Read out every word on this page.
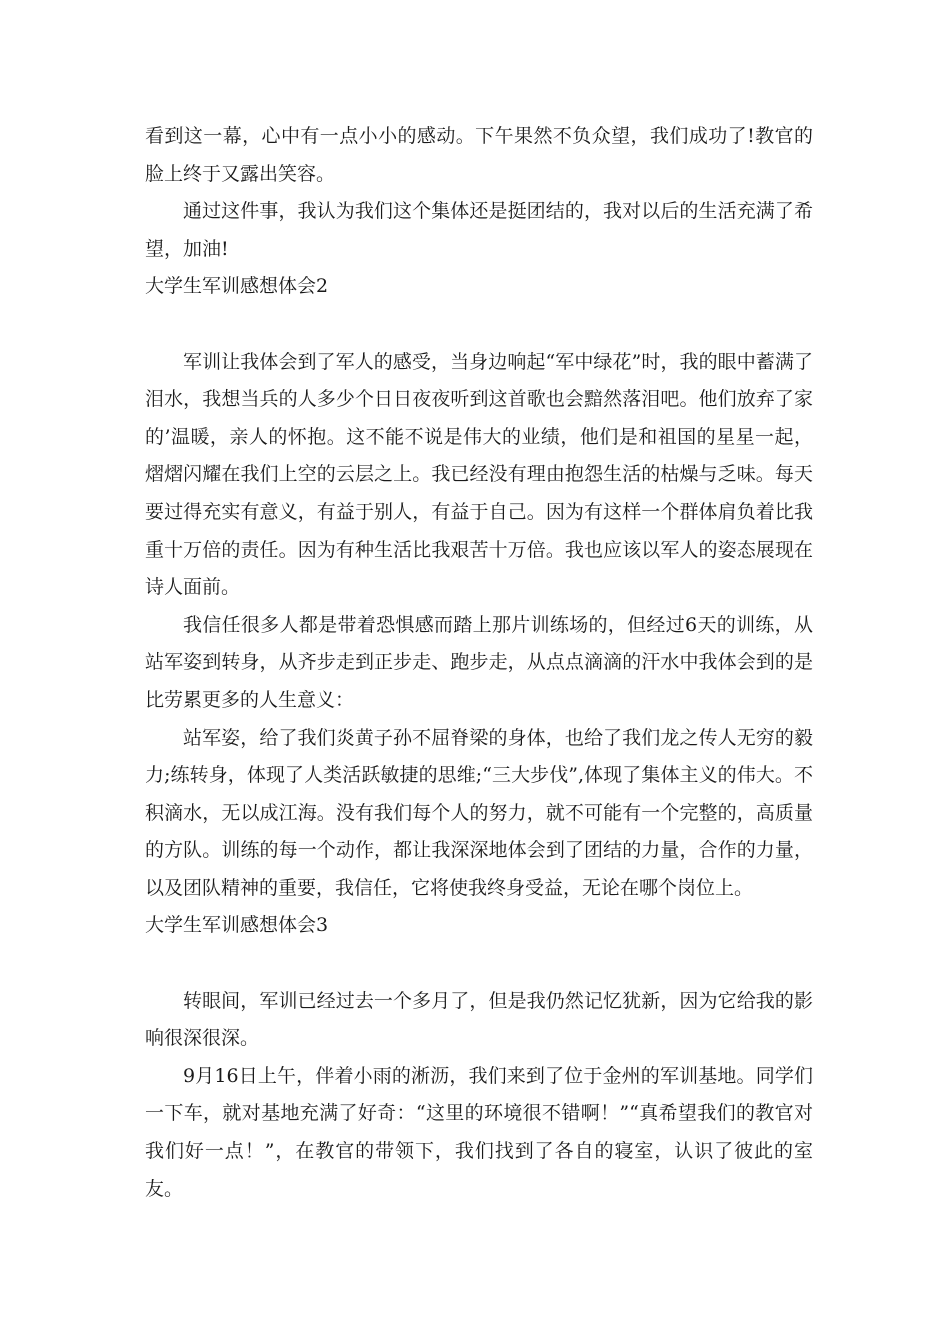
看到这一幕，心中有一点小小的感动。下午果然不负众望，我们成功了!教官的脸上终于又露出笑容。

通过这件事，我认为我们这个集体还是挺团结的，我对以后的生活充满了希望，加油!

大学生军训感想体会2

军训让我体会到了军人的感受，当身边响起“军中绿花”时，我的眼中蓄满了泪水，我想当兵的人多少个日日夜夜听到这首歌也会黯然落泪吧。他们放弃了家的’温暖，亲人的怀抱。这不能不说是伟大的业绩，他们是和祖国的星星一起，熠熠闪耀在我们上空的云层之上。我已经没有理由抱怨生活的枯燥与乏味。每天要过得充实有意义，有益于别人，有益于自己。因为有这样一个群体肩负着比我重十万倍的责任。因为有种生活比我艰苦十万倍。我也应该以军人的姿态展现在诗人面前。

我信任很多人都是带着恐惧感而踏上那片训练场的，但经过6天的训练，从站军姿到转身，从齐步走到正步走、跑步走，从点点滴滴的汗水中我体会到的是比劳累更多的人生意义：

站军姿，给了我们炎黄子孙不屈脊梁的身体，也给了我们龙之传人无穷的毅力;练转身，体现了人类活跃敏捷的思维;“三大步伐”,体现了集体主义的伟大。不积滴水，无以成江海。没有我们每个人的努力，就不可能有一个完整的，高质量的方队。训练的每一个动作，都让我深深地体会到了团结的力量，合作的力量，以及团队精神的重要，我信任，它将使我终身受益，无论在哪个岗位上。

大学生军训感想体会3

转眼间，军训已经过去一个多月了，但是我仍然记忆犹新，因为它给我的影响很深很深。

9月16日上午，伴着小雨的淅沥，我们来到了位于金州的军训基地。同学们一下车，就对基地充满了好奇：“这里的环境很不错啊！”“真希望我们的教官对我们好一点！”，在教官的带领下，我们找到了各自的寝室，认识了彼此的室友。
